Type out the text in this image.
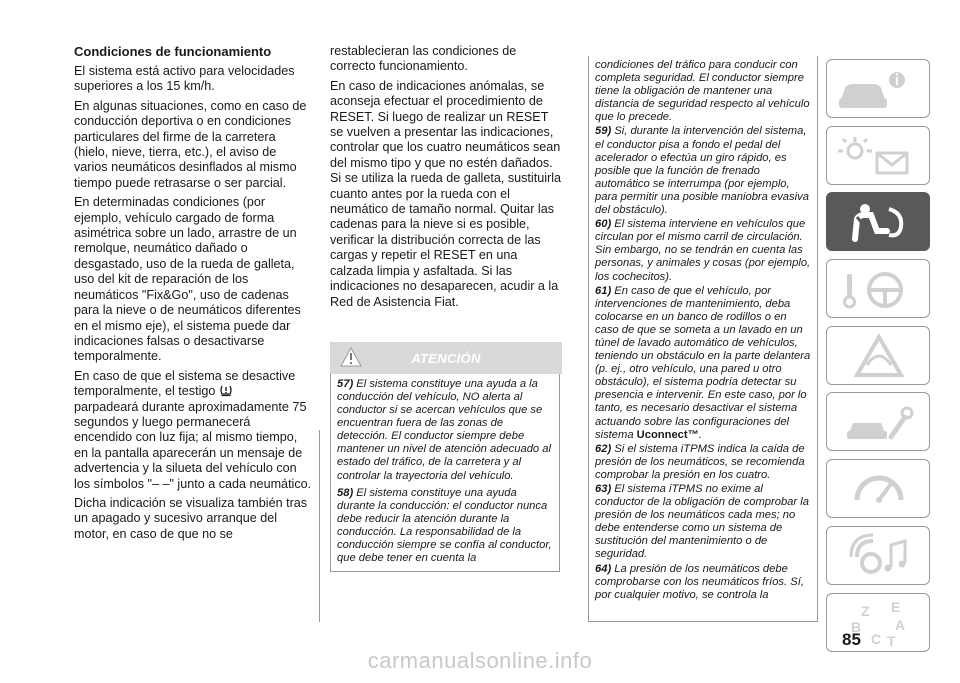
Condiciones de funcionamiento

El sistema está activo para velocidades superiores a los 15 km/h.

En algunas situaciones, como en caso de conducción deportiva o en condiciones particulares del firme de la carretera (hielo, nieve, tierra, etc.), el aviso de varios neumáticos desinflados al mismo tiempo puede retrasarse o ser parcial.

En determinadas condiciones (por ejemplo, vehículo cargado de forma asimétrica sobre un lado, arrastre de un remolque, neumático dañado o desgastado, uso de la rueda de galleta, uso del kit de reparación de los neumáticos "Fix&Go", uso de cadenas para la nieve o de neumáticos diferentes en el mismo eje), el sistema puede dar indicaciones falsas o desactivarse temporalmente.

En caso de que el sistema se desactive temporalmente, el testigo
parpadeará durante aproximadamente 75 segundos y luego permanecerá encendido con luz fija; al mismo tiempo, en la pantalla aparecerán un mensaje de advertencia y la silueta del vehículo con los símbolos "– –" junto a cada neumático.

Dicha indicación se visualiza también tras un apagado y sucesivo arranque del motor, en caso de que no se

restablecieran las condiciones de correcto funcionamiento.

En caso de indicaciones anómalas, se aconseja efectuar el procedimiento de RESET. Si luego de realizar un RESET se vuelven a presentar las indicaciones, controlar que los cuatro neumáticos sean del mismo tipo y que no estén dañados. Si se utiliza la rueda de galleta, sustituirla cuanto antes por la rueda con el neumático de tamaño normal. Quitar las cadenas para la nieve si es posible, verificar la distribución correcta de las cargas y repetir el RESET en una calzada limpia y asfaltada. Si las indicaciones no desaparecen, acudir a la Red de Asistencia Fiat.

ATENCIÓN

57) El sistema constituye una ayuda a la conducción del vehículo, NO alerta al conductor si se acercan vehículos que se encuentran fuera de las zonas de detección. El conductor siempre debe mantener un nivel de atención adecuado al estado del tráfico, de la carretera y al controlar la trayectoria del vehículo.

58) El sistema constituye una ayuda durante la conducción: el conductor nunca debe reducir la atención durante la conducción. La responsabilidad de la conducción siempre se confía al conductor, que debe tener en cuenta la

condiciones del tráfico para conducir con completa seguridad. El conductor siempre tiene la obligación de mantener una distancia de seguridad respecto al vehículo que lo precede.

59) Si, durante la intervención del sistema, el conductor pisa a fondo el pedal del acelerador o efectúa un giro rápido, es posible que la función de frenado automático se interrumpa (por ejemplo, para permitir una posible maniobra evasiva del obstáculo).

60) El sistema interviene en vehículos que circulan por el mismo carril de circulación. Sin embargo, no se tendrán en cuenta las personas, y animales y cosas (por ejemplo, los cochecitos).

61) En caso de que el vehículo, por intervenciones de mantenimiento, deba colocarse en un banco de rodillos o en caso de que se someta a un lavado en un túnel de lavado automático de vehículos, teniendo un obstáculo en la parte delantera (p. ej., otro vehículo, una pared u otro obstáculo), el sistema podría detectar su presencia e intervenir. En este caso, por lo tanto, es necesario desactivar el sistema actuando sobre las configuraciones del sistema Uconnect™.

62) Si el sistema iTPMS indica la caída de presión de los neumáticos, se recomienda comprobar la presión en los cuatro.

63) El sistema iTPMS no exime al conductor de la obligación de comprobar la presión de los neumáticos cada mes; no debe entenderse como un sistema de sustitución del mantenimiento o de seguridad.

64) La presión de los neumáticos debe comprobarse con los neumáticos fríos. Sí, por cualquier motivo, se controla la

Z E
B
C
A
T
85
carmanualsonline.info
